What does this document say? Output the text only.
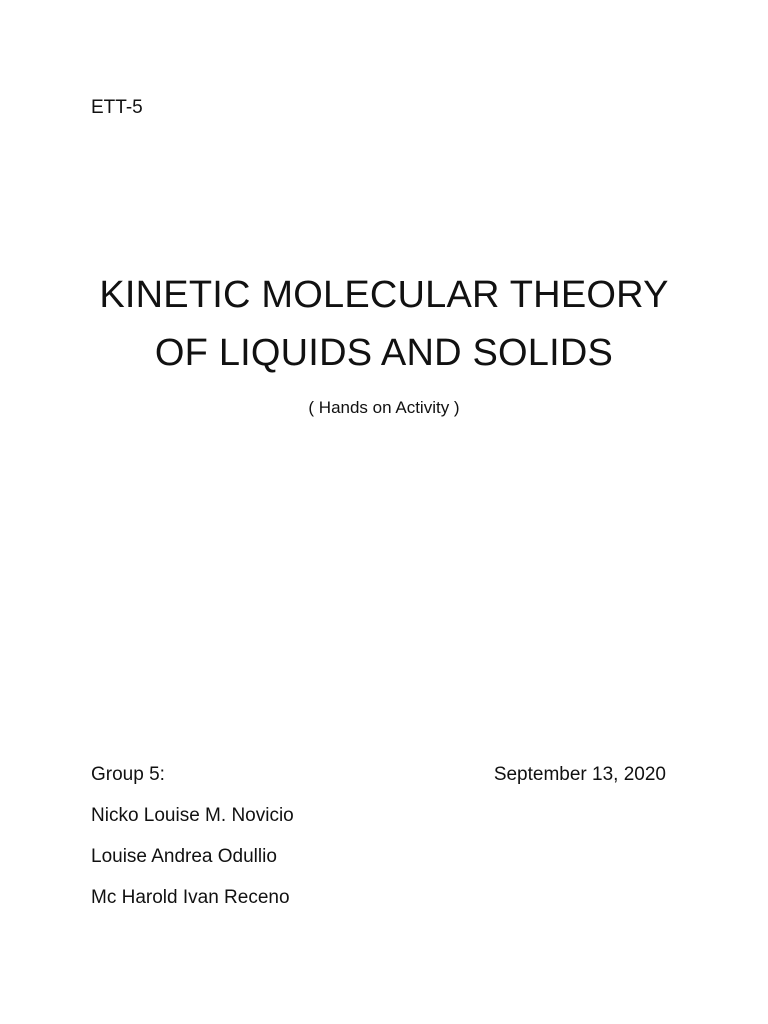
ETT-5
KINETIC MOLECULAR THEORY
OF LIQUIDS AND SOLIDS
( Hands on Activity )
Group 5:	September 13, 2020
Nicko Louise M. Novicio
Louise Andrea Odullio
Mc Harold Ivan Receno
